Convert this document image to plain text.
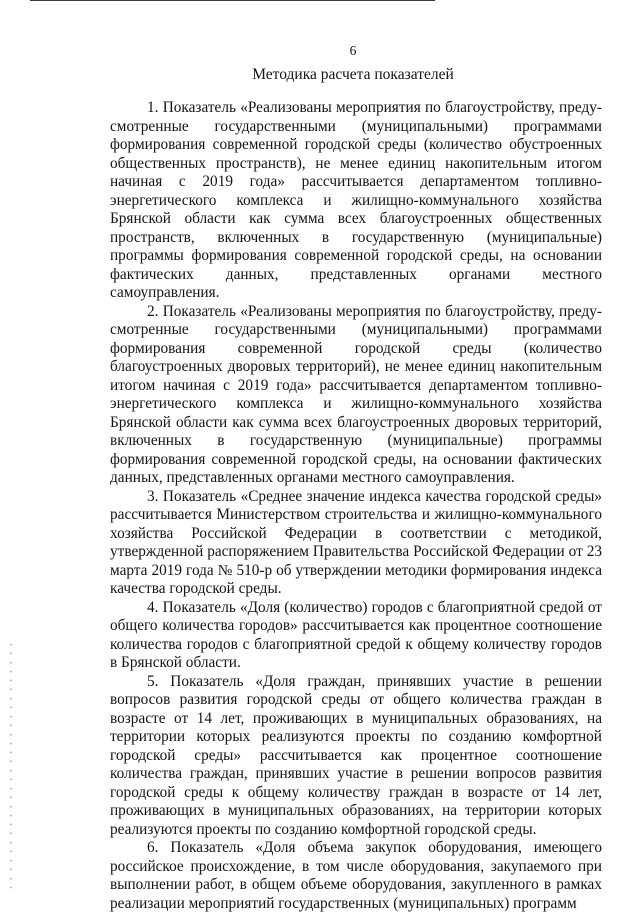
6
Методика расчета показателей

1. Показатель «Реализованы мероприятия по благоустройству, предусмотренные государственными (муниципальными) программами формирования современной городской среды (количество обустроенных общественных пространств), не менее единиц накопительным итогом начиная с 2019 года» рассчитывается департаментом топливно-энергетического комплекса и жилищно-коммунального хозяйства Брянской области как сумма всех благоустроенных общественных пространств, включенных в государственную (муниципальные) программы формирования современной городской среды, на основании фактических данных, представленных органами местного самоуправления.

2. Показатель «Реализованы мероприятия по благоустройству, предусмотренные государственными (муниципальными) программами формирования современной городской среды (количество благоустроенных дворовых территорий), не менее единиц накопительным итогом начиная с 2019 года» рассчитывается департаментом топливно-энергетического комплекса и жилищно-коммунального хозяйства Брянской области как сумма всех благоустроенных дворовых территорий, включенных в государственную (муниципальные) программы формирования современной городской среды, на основании фактических данных, представленных органами местного самоуправления.

3. Показатель «Среднее значение индекса качества городской среды» рассчитывается Министерством строительства и жилищно-коммунального хозяйства Российской Федерации в соответствии с методикой, утвержденной распоряжением Правительства Российской Федерации от 23 марта 2019 года № 510-р об утверждении методики формирования индекса качества городской среды.

4. Показатель «Доля (количество) городов с благоприятной средой от общего количества городов» рассчитывается как процентное соотношение количества городов с благоприятной средой к общему количеству городов в Брянской области.

5. Показатель «Доля граждан, принявших участие в решении вопросов развития городской среды от общего количества граждан в возрасте от 14 лет, проживающих в муниципальных образованиях, на территории которых реализуются проекты по созданию комфортной городской среды» рассчитывается как процентное соотношение количества граждан, принявших участие в решении вопросов развития городской среды к общему количеству граждан в возрасте от 14 лет, проживающих в муниципальных образованиях, на территории которых реализуются проекты по созданию комфортной городской среды.

6. Показатель «Доля объема закупок оборудования, имеющего российское происхождение, в том числе оборудования, закупаемого при выполнении работ, в общем объеме оборудования, закупленного в рамках реализации мероприятий государственных (муниципальных) программ
